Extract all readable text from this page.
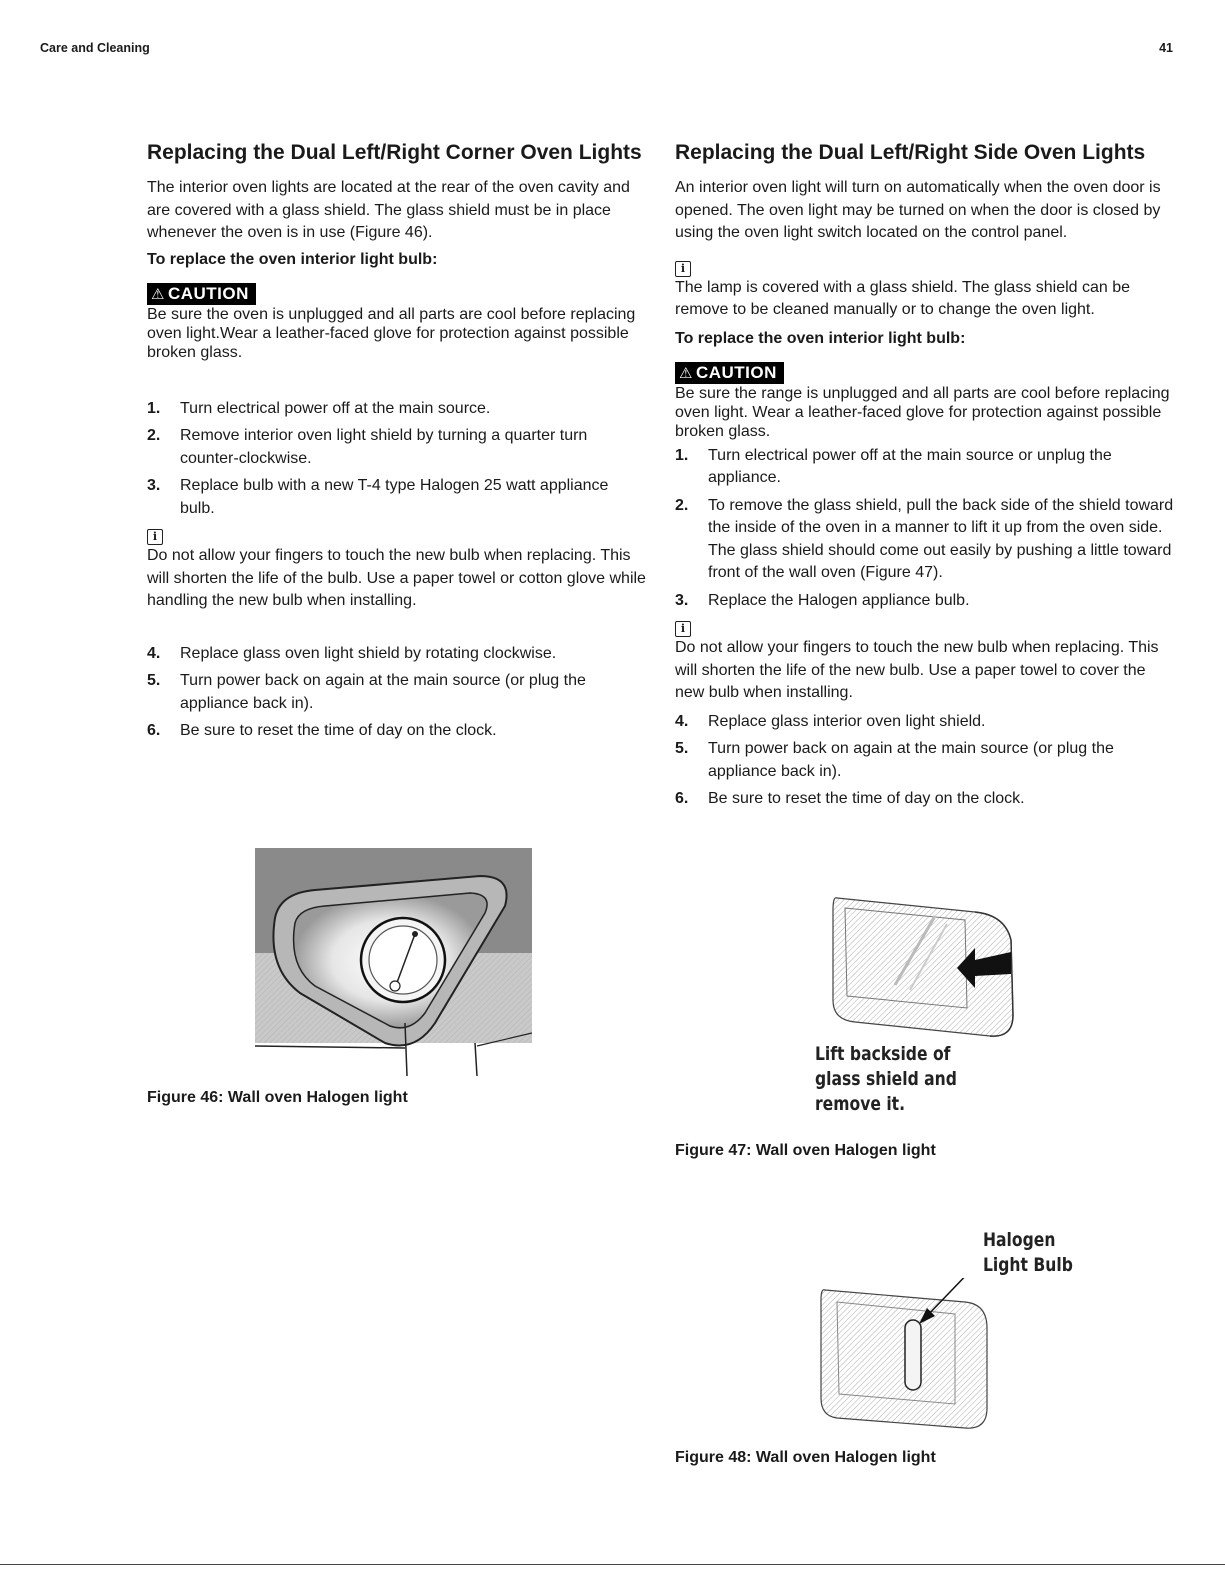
Care and Cleaning	41
Replacing the Dual Left/Right Corner Oven Lights

The interior oven lights are located at the rear of the oven cavity and are covered with a glass shield. The glass shield must be in place whenever the oven is in use (Figure 46).

To replace the oven interior light bulb:
⚠ CAUTION

Be sure the oven is unplugged and all parts are cool before replacing oven light.Wear a leather-faced glove for protection against possible broken glass.

1. Turn electrical power off at the main source.
2. Remove interior oven light shield by turning a quarter turn counter-clockwise.
3. Replace bulb with a new T-4 type Halogen 25 watt appliance bulb.
i

Do not allow your fingers to touch the new bulb when replacing. This will shorten the life of the bulb. Use a paper towel or cotton glove while handling the new bulb when installing.

4. Replace glass oven light shield by rotating clockwise.
5. Turn power back on again at the main source (or plug the appliance back in).
6. Be sure to reset the time of day on the clock.
Figure 46: Wall oven Halogen light
Replacing the Dual Left/Right Side Oven Lights

An interior oven light will turn on automatically when the oven door is opened. The oven light may be turned on when the door is closed by using the oven light switch located on the control panel.

i

The lamp is covered with a glass shield. The glass shield can be remove to be cleaned manually or to change the oven light.

To replace the oven interior light bulb:
⚠ CAUTION

Be sure the range is unplugged and all parts are cool before replacing oven light. Wear a leather-faced glove for protection against possible broken glass.

1. Turn electrical power off at the main source or unplug the appliance.
2. To remove the glass shield, pull the back side of the shield toward the inside of the oven in a manner to lift it up from the oven side. The glass shield should come out easily by pushing a little toward front of the wall oven (Figure 47).
3. Replace the Halogen appliance bulb.
i

Do not allow your fingers to touch the new bulb when replacing. This will shorten the life of the new bulb. Use a paper towel to cover the new bulb when installing.

4. Replace glass interior oven light shield.
5. Turn power back on again at the main source (or plug the appliance back in).
6. Be sure to reset the time of day on the clock.
Lift backside of
glass shield and
remove it.
Figure 47: Wall oven Halogen light
Halogen
Light Bulb
Figure 48: Wall oven Halogen light
